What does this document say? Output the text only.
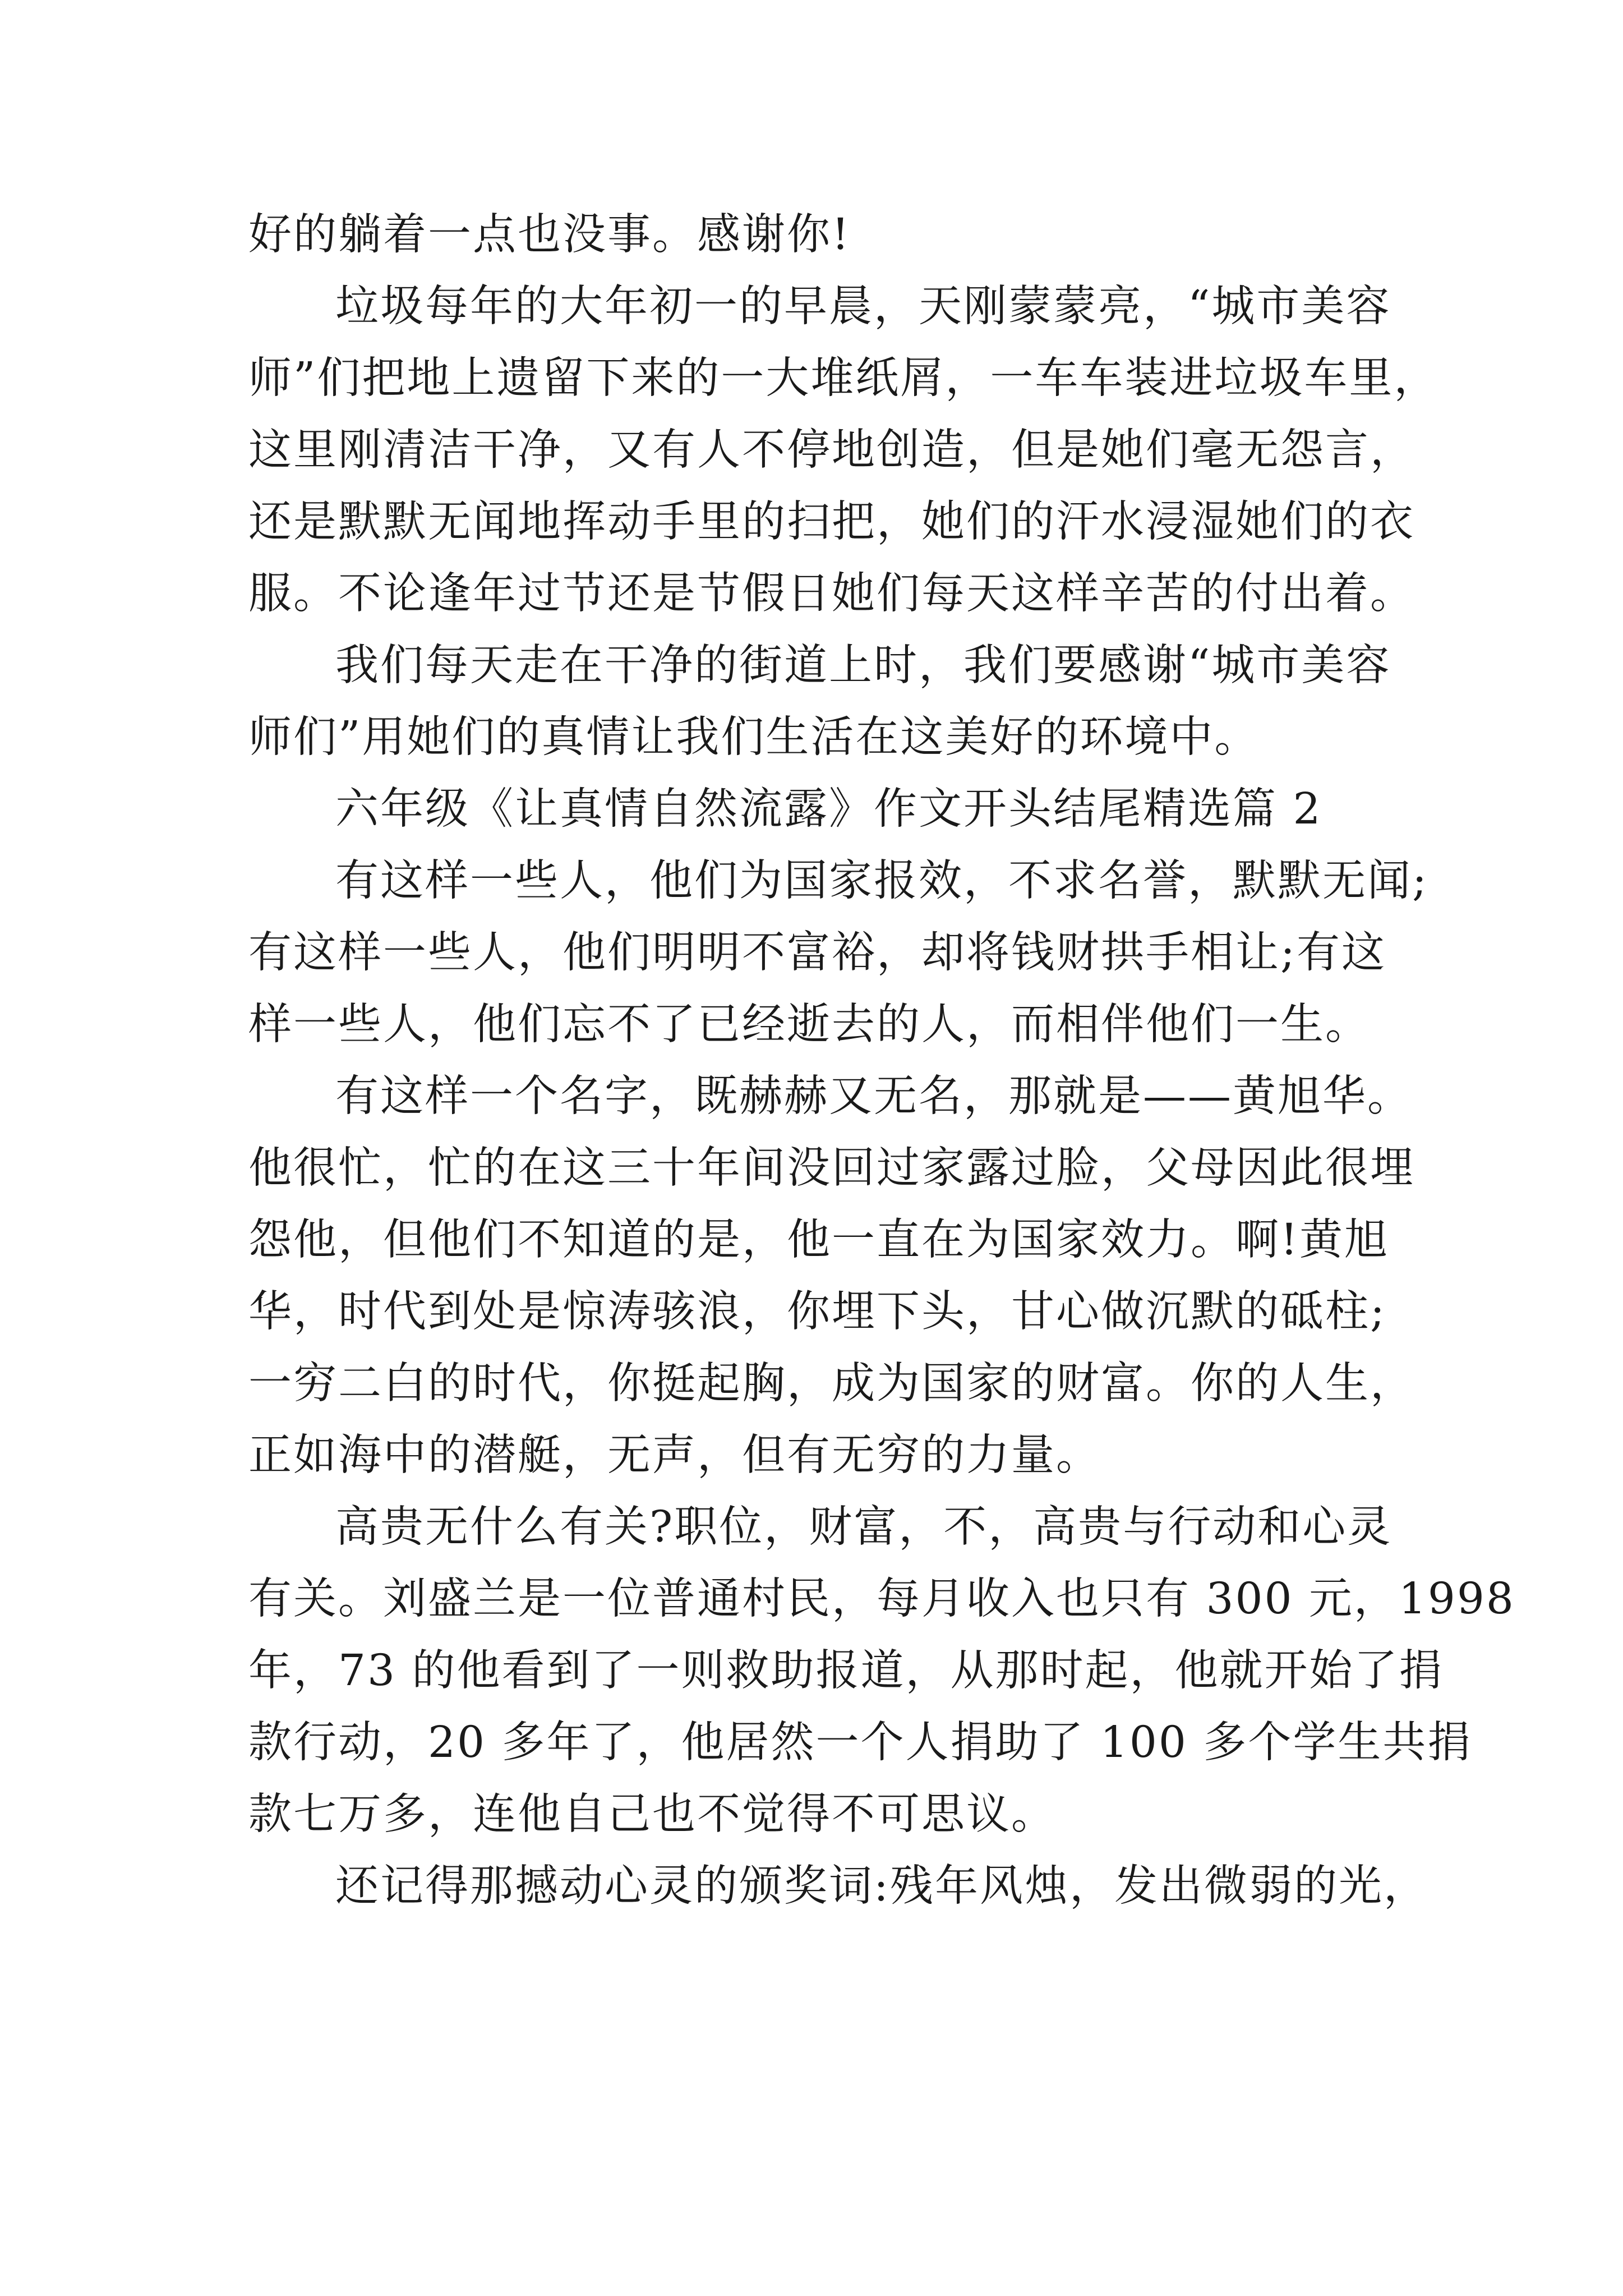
好的躺着一点也没事。感谢你!
垃圾每年的大年初一的早晨，天刚蒙蒙亮，“城市美容
师”们把地上遗留下来的一大堆纸屑，一车车装进垃圾车里，
这里刚清洁干净，又有人不停地创造，但是她们毫无怨言，
还是默默无闻地挥动手里的扫把，她们的汗水浸湿她们的衣
服。不论逢年过节还是节假日她们每天这样辛苦的付出着。
我们每天走在干净的街道上时，我们要感谢“城市美容
师们”用她们的真情让我们生活在这美好的环境中。
六年级《让真情自然流露》作文开头结尾精选篇 2
有这样一些人，他们为国家报效，不求名誉，默默无闻;
有这样一些人，他们明明不富裕，却将钱财拱手相让;有这
样一些人，他们忘不了已经逝去的人，而相伴他们一生。
有这样一个名字，既赫赫又无名，那就是——黄旭华。
他很忙，忙的在这三十年间没回过家露过脸，父母因此很埋
怨他，但他们不知道的是，他一直在为国家效力。啊!黄旭
华，时代到处是惊涛骇浪，你埋下头，甘心做沉默的砥柱;
一穷二白的时代，你挺起胸，成为国家的财富。你的人生，
正如海中的潜艇，无声，但有无穷的力量。
高贵无什么有关?职位，财富，不，高贵与行动和心灵
有关。刘盛兰是一位普通村民，每月收入也只有 300 元，1998
年，73 的他看到了一则救助报道，从那时起，他就开始了捐
款行动，20 多年了，他居然一个人捐助了 100 多个学生共捐
款七万多，连他自己也不觉得不可思议。
还记得那撼动心灵的颁奖词:残年风烛，发出微弱的光，
